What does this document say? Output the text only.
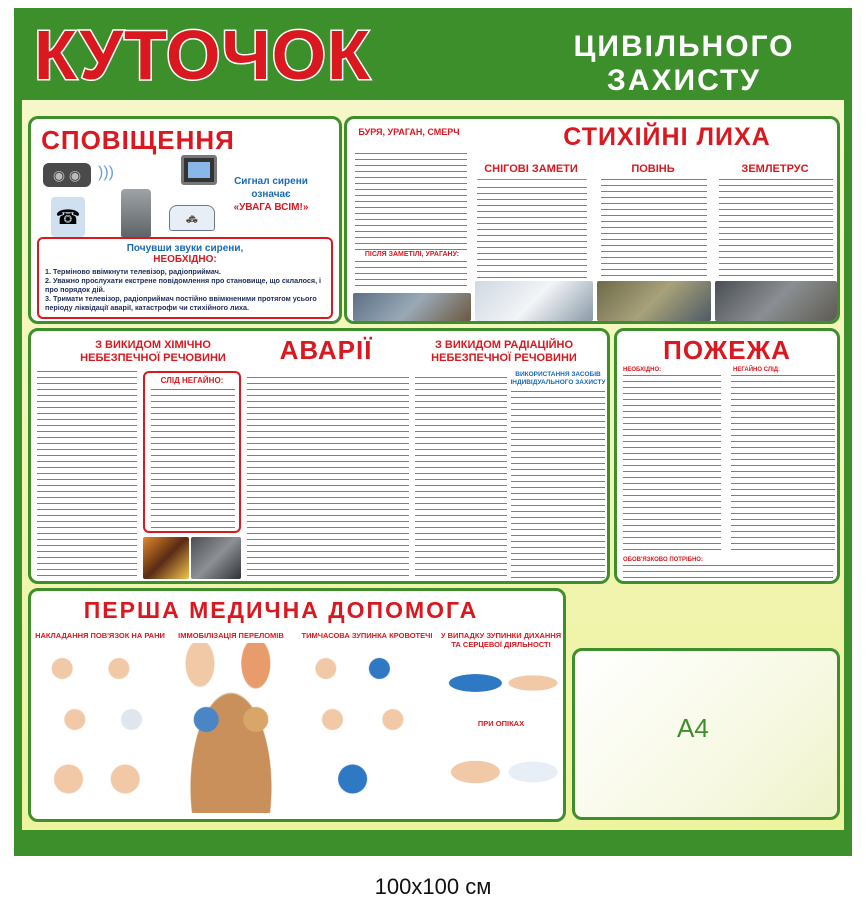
КУТОЧОК	ЦИВІЛЬНОГО
ЗАХИСТУ
СПОВІЩЕННЯ
◉ ◉	)))
☎	🚓
Сигнал сирени
означає
«УВАГА ВСІМ!»
Почувши звуки сирени,
НЕОБХІДНО:
1. Терміново ввімкнути телевізор, радіоприймач.
2. Уважно прослухати екстрене повідомлення про становище, що склалося, і про порядок дій.
3. Тримати телевізор, радіоприймач постійно ввімкненими протягом усього періоду ліквідації аварії, катастрофи чи стихійного лиха.
БУРЯ, УРАГАН, СМЕРЧ	СТИХІЙНІ ЛИХА
ПІСЛЯ ЗАМЕТІЛІ, УРАГАНУ:
СНІГОВІ ЗАМЕТИ	ПОВІНЬ	ЗЕМЛЕТРУС
З ВИКИДОМ ХІМІЧНО
НЕБЕЗПЕЧНОЇ РЕЧОВИНИ	АВАРІЇ	З ВИКИДОМ РАДІАЦІЙНО
НЕБЕЗПЕЧНОЇ РЕЧОВИНИ
СЛІД НЕГАЙНО:
ВИКОРИСТАННЯ ЗАСОБІВ ІНДИВІДУАЛЬНОГО ЗАХИСТУ
ПОЖЕЖА
НЕОБХІДНО:	НЕГАЙНО СЛІД:
ОБОВ'ЯЗКОВО ПОТРІБНО:
ПЕРША МЕДИЧНА ДОПОМОГА
НАКЛАДАННЯ ПОВ'ЯЗОК НА РАНИ	ІММОБІЛІЗАЦІЯ ПЕРЕЛОМІВ	ТИМЧАСОВА ЗУПИНКА КРОВОТЕЧІ	У ВИПАДКУ ЗУПИНКИ ДИХАННЯ
ТА СЕРЦЕВОЇ ДІЯЛЬНОСТІ
ПРИ ОПІКАХ	A4
100x100 см
